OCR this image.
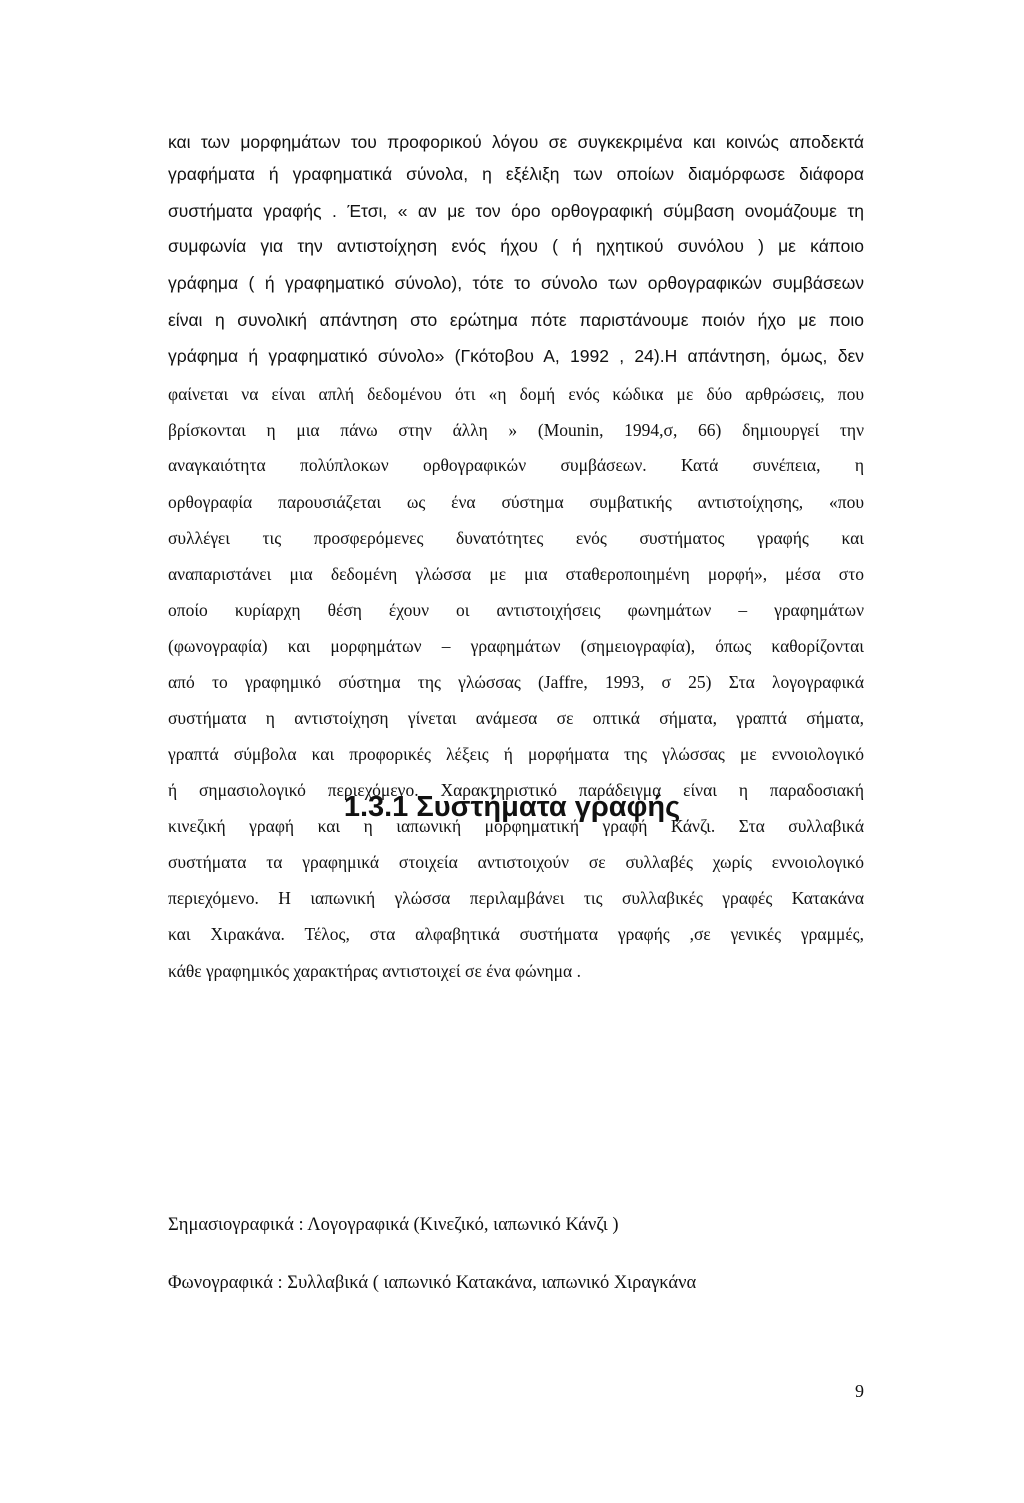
και των μορφημάτων του προφορικού λόγου σε συγκεκριμένα και κοινώς αποδεκτά

γραφήματα ή γραφηματικά σύνολα, η εξέλιξη των οποίων διαμόρφωσε διάφορα

συστήματα γραφής . Έτσι, « αν με τον όρο ορθογραφική σύμβαση ονομάζουμε τη

συμφωνία για την αντιστοίχηση ενός ήχου ( ή ηχητικού συνόλου ) με κάποιο

γράφημα ( ή γραφηματικό σύνολο), τότε το σύνολο των ορθογραφικών συμβάσεων

είναι η συνολική απάντηση στο ερώτημα πότε παριστάνουμε ποιόν ήχο με ποιο

γράφημα ή γραφηματικό σύνολο» (Γκότοβου Α, 1992 , 24).Η απάντηση, όμως, δεν

φαίνεται να είναι απλή δεδομένου ότι «η δομή ενός κώδικα με δύο αρθρώσεις, που

βρίσκονται η μια πάνω στην άλλη » (Mounin, 1994,σ, 66) δημιουργεί την

αναγκαιότητα πολύπλοκων ορθογραφικών συμβάσεων. Κατά συνέπεια, η

ορθογραφία παρουσιάζεται ως ένα σύστημα συμβατικής αντιστοίχησης, «που

συλλέγει τις προσφερόμενες δυνατότητες ενός συστήματος γραφής και

αναπαριστάνει μια δεδομένη γλώσσα με μια σταθεροποιημένη μορφή», μέσα στο

οποίο κυρίαρχη θέση έχουν οι αντιστοιχήσεις φωνημάτων – γραφημάτων

(φωνογραφία) και μορφημάτων – γραφημάτων (σημειογραφία), όπως καθορίζονται

από το γραφημικό σύστημα της γλώσσας (Jaffre, 1993, σ 25) Στα λογογραφικά

συστήματα η αντιστοίχηση γίνεται ανάμεσα σε οπτικά σήματα, γραπτά σήματα,

γραπτά σύμβολα και προφορικές λέξεις ή μορφήματα της γλώσσας με εννοιολογικό

ή σημασιολογικό περιεχόμενο. Χαρακτηριστικό παράδειγμα είναι η παραδοσιακή

κινεζική γραφή και η ιαπωνική μορφηματική γραφή Κάνζι. Στα συλλαβικά

συστήματα τα γραφημικά στοιχεία αντιστοιχούν σε συλλαβές χωρίς εννοιολογικό

περιεχόμενο. Η ιαπωνική γλώσσα περιλαμβάνει τις συλλαβικές γραφές Κατακάνα

και Χιρακάνα. Τέλος, στα αλφαβητικά συστήματα γραφής ,σε γενικές γραμμές,

κάθε γραφημικός χαρακτήρας αντιστοιχεί σε ένα φώνημα .

1.3.1 Συστήματα γραφής

Σημασιογραφικά : Λογογραφικά (Κινεζικό, ιαπωνικό Κάνζι )

Φωνογραφικά : Συλλαβικά ( ιαπωνικό Κατακάνα, ιαπωνικό Χιραγκάνα

9
